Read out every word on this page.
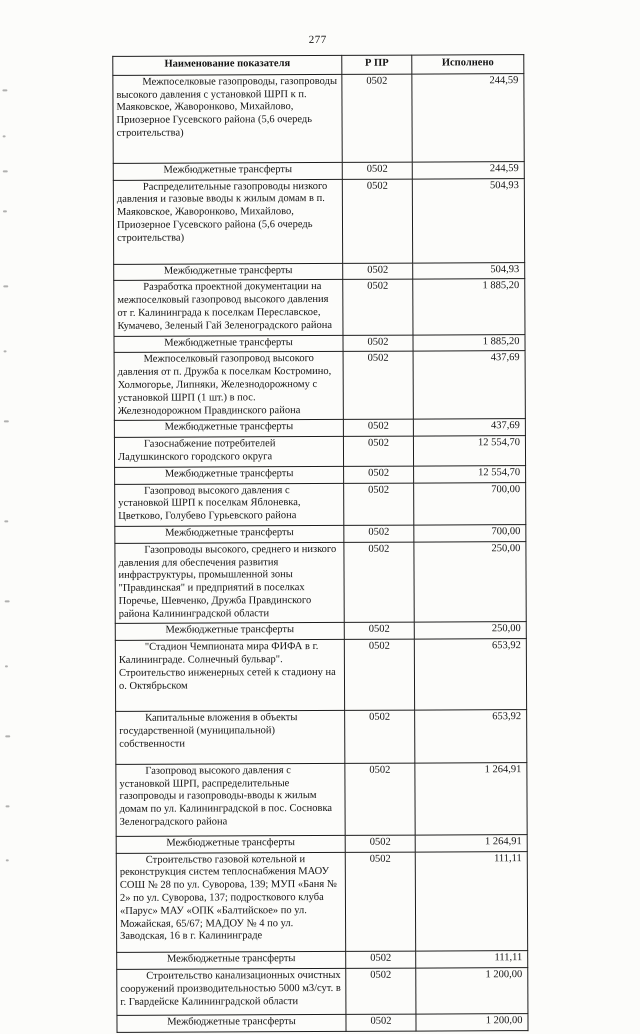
277
Наименование показателя	Р ПР	Исполнено
Межпоселковые газопроводы, газопроводы высокого давления с установкой ШРП к п. Маяковское, Жаворонково, Михайлово, Приозерное Гусевского района (5,6 очередь строительства)	0502	244,59
Межбюджетные трансферты	0502	244,59
Распределительные газопроводы низкого давления и газовые вводы к жилым домам в п. Маяковское, Жаворонково, Михайлово, Приозерное Гусевского района (5,6 очередь строительства)	0502	504,93
Межбюджетные трансферты	0502	504,93
Разработка проектной документации на межпоселковый газопровод высокого давления от г. Калининграда к поселкам Переславское, Кумачево, Зеленый Гай Зеленоградского района	0502	1 885,20
Межбюджетные трансферты	0502	1 885,20
Межпоселковый газопровод высокого давления от п. Дружба к поселкам Костромино, Холмогорье, Липняки, Железнодорожному с установкой ШРП (1 шт.) в пос. Железнодорожном Правдинского района	0502	437,69
Межбюджетные трансферты	0502	437,69
Газоснабжение потребителей Ладушкинского городского округа	0502	12 554,70
Межбюджетные трансферты	0502	12 554,70
Газопровод высокого давления с установкой ШРП к поселкам Яблоневка, Цветково, Голубево Гурьевского района	0502	700,00
Межбюджетные трансферты	0502	700,00
Газопроводы высокого, среднего и низкого давления для обеспечения развития инфраструктуры, промышленной зоны "Правдинская" и предприятий в поселках Поречье, Шевченко, Дружба Правдинского района Калининградской области	0502	250,00
Межбюджетные трансферты	0502	250,00
"Стадион Чемпионата мира ФИФА в г. Калининграде. Солнечный бульвар". Строительство инженерных сетей к стадиону на о. Октябрьском	0502	653,92
Капитальные вложения в объекты государственной (муниципальной) собственности	0502	653,92
Газопровод высокого давления с установкой ШРП, распределительные газопроводы и газопроводы-вводы к жилым домам по ул. Калининградской в пос. Сосновка Зеленоградского района	0502	1 264,91
Межбюджетные трансферты	0502	1 264,91
Строительство газовой котельной и реконструкция систем теплоснабжения МАОУ СОШ № 28 по ул. Суворова, 139; МУП «Баня № 2» по ул. Суворова, 137; подросткового клуба «Парус» МАУ «ОПК «Балтийское» по ул. Можайская, 65/67; МАДОУ № 4 по ул. Заводская, 16 в г. Калининграде	0502	111,11
Межбюджетные трансферты	0502	111,11
Строительство канализационных очистных сооружений производительностью 5000 м3/сут. в г. Гвардейске Калининградской области	0502	1 200,00
Межбюджетные трансферты	0502	1 200,00
